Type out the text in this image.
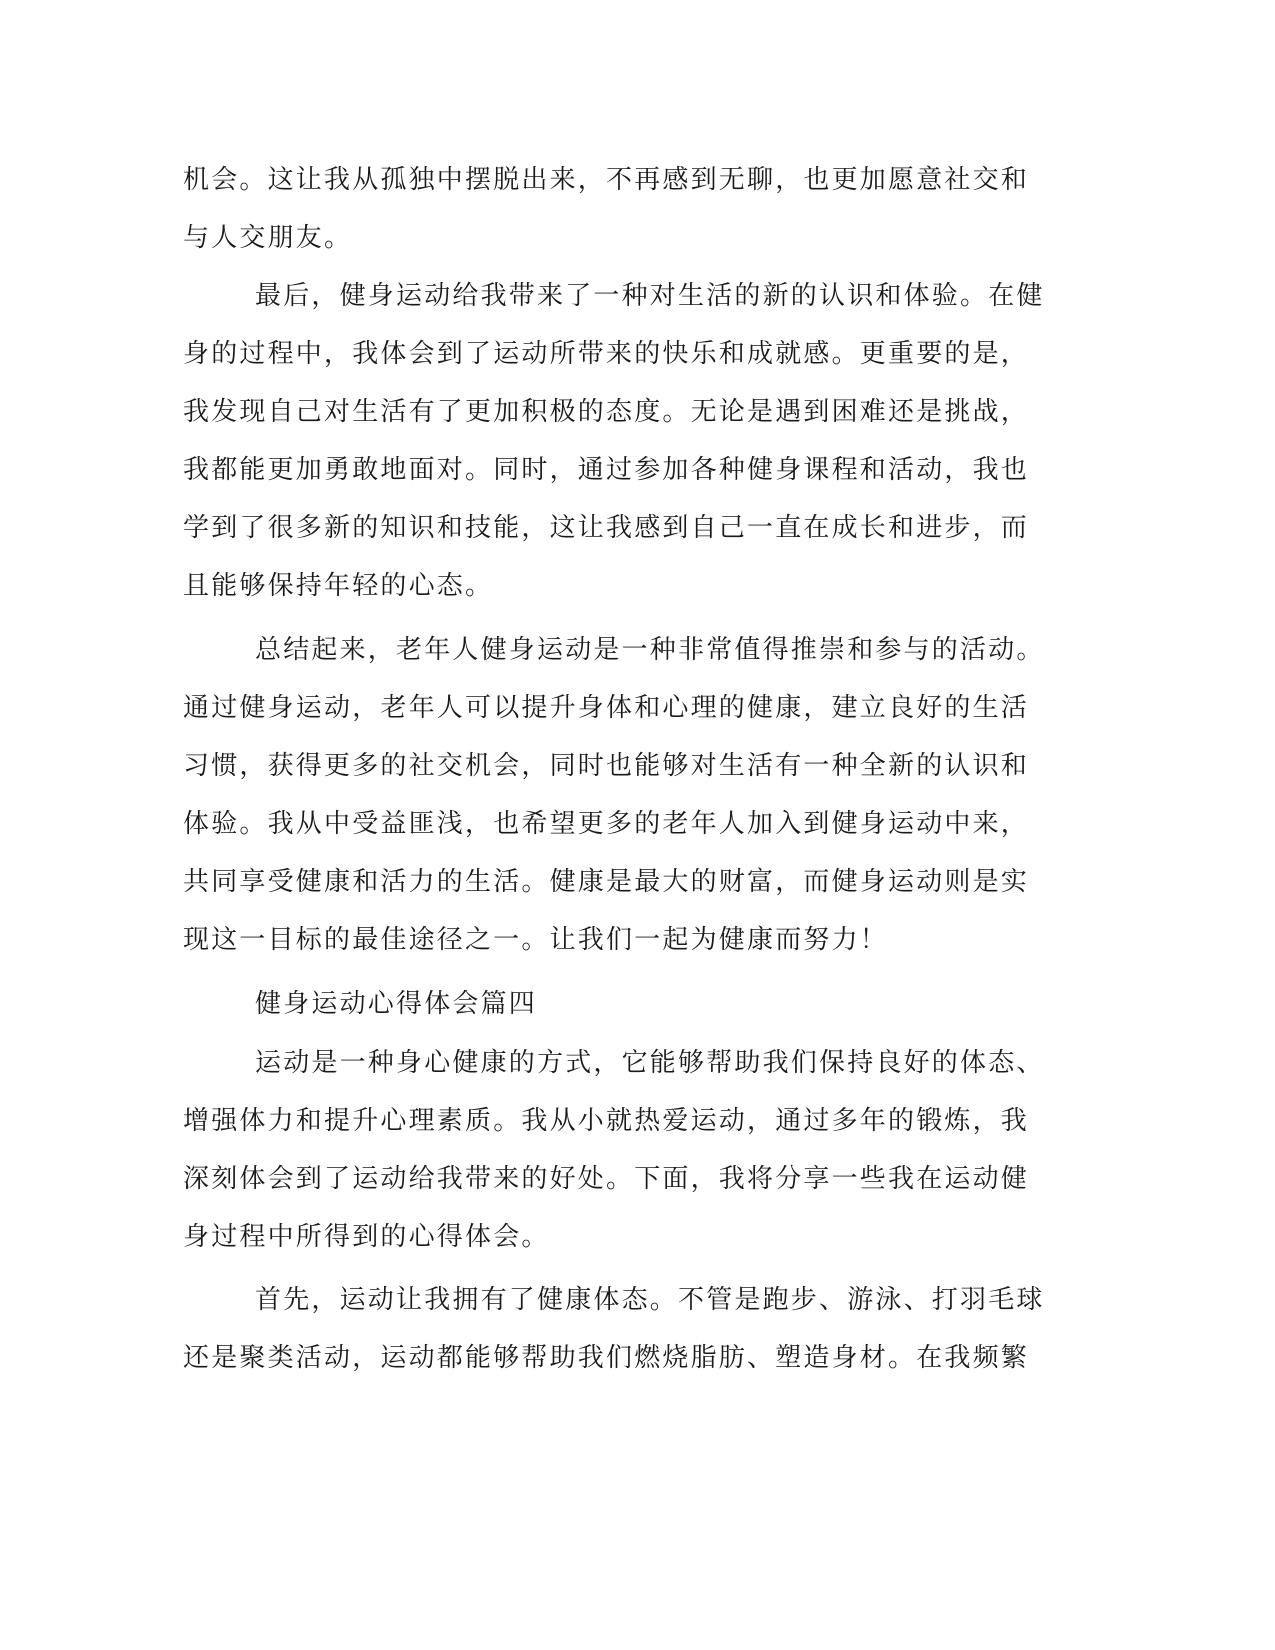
机会。这让我从孤独中摆脱出来，不再感到无聊，也更加愿意社交和
与人交朋友。
最后，健身运动给我带来了一种对生活的新的认识和体验。在健
身的过程中，我体会到了运动所带来的快乐和成就感。更重要的是，
我发现自己对生活有了更加积极的态度。无论是遇到困难还是挑战，
我都能更加勇敢地面对。同时，通过参加各种健身课程和活动，我也
学到了很多新的知识和技能，这让我感到自己一直在成长和进步，而
且能够保持年轻的心态。
总结起来，老年人健身运动是一种非常值得推崇和参与的活动。
通过健身运动，老年人可以提升身体和心理的健康，建立良好的生活
习惯，获得更多的社交机会，同时也能够对生活有一种全新的认识和
体验。我从中受益匪浅，也希望更多的老年人加入到健身运动中来，
共同享受健康和活力的生活。健康是最大的财富，而健身运动则是实
现这一目标的最佳途径之一。让我们一起为健康而努力！
健身运动心得体会篇四
运动是一种身心健康的方式，它能够帮助我们保持良好的体态、
增强体力和提升心理素质。我从小就热爱运动，通过多年的锻炼，我
深刻体会到了运动给我带来的好处。下面，我将分享一些我在运动健
身过程中所得到的心得体会。
首先，运动让我拥有了健康体态。不管是跑步、游泳、打羽毛球
还是聚类活动，运动都能够帮助我们燃烧脂肪、塑造身材。在我频繁
